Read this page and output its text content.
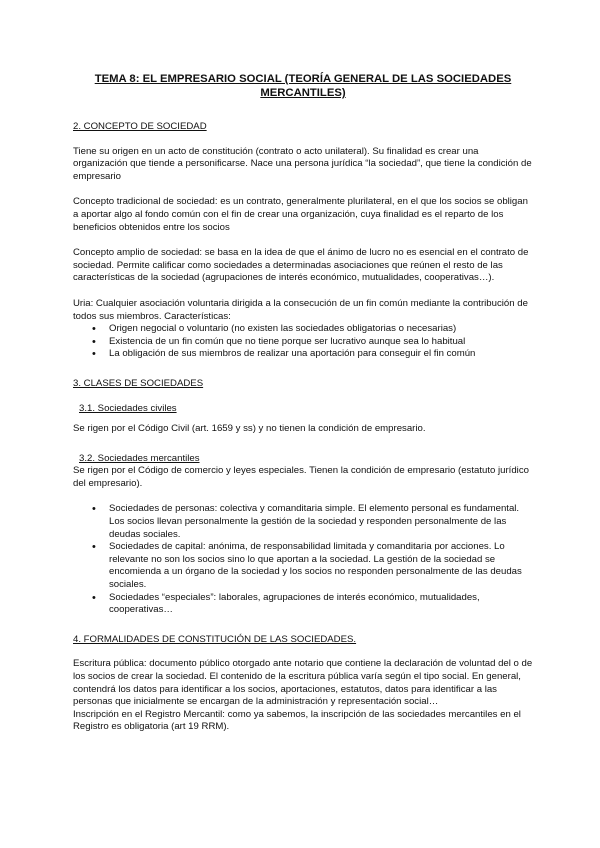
TEMA 8: EL EMPRESARIO SOCIAL (TEORÍA GENERAL DE LAS SOCIEDADES MERCANTILES)
2. CONCEPTO DE SOCIEDAD

Tiene su origen en un acto de constitución (contrato o acto unilateral). Su finalidad es crear una organización que tiende a personificarse. Nace una persona jurídica “la sociedad”, que tiene la condición de empresario

Concepto tradicional de sociedad: es un contrato, generalmente plurilateral, en el que los socios se obligan a aportar algo al fondo común con el fin de crear una organización, cuya finalidad es el reparto de los beneficios obtenidos entre los socios

Concepto amplio de sociedad: se basa en la idea de que el ánimo de lucro no es esencial en el contrato de sociedad. Permite calificar como sociedades a determinadas asociaciones que reúnen el resto de las características de la sociedad (agrupaciones de interés económico, mutualidades, cooperativas…).

Uria: Cualquier asociación voluntaria dirigida a la consecución de un fin común mediante la contribución de todos sus miembros. Características:

• Origen negocial o voluntario (no existen las sociedades obligatorias o necesarias)
• Existencia de un fin común que no tiene porque ser lucrativo aunque sea lo habitual
• La obligación de sus miembros de realizar una aportación para conseguir el fin común
3. CLASES DE SOCIEDADES
3.1. Sociedades civiles

Se rigen por el Código Civil (art. 1659 y ss) y no tienen la condición de empresario.

3.2. Sociedades mercantiles

Se rigen por el Código de comercio y leyes especiales. Tienen la condición de empresario (estatuto jurídico del empresario).

• Sociedades de personas: colectiva y comanditaria simple. El elemento personal es fundamental. Los socios llevan personalmente la gestión de la sociedad y responden personalmente de las deudas sociales.
• Sociedades de capital: anónima, de responsabilidad limitada y comanditaria por acciones. Lo relevante no son los socios sino lo que aportan a la sociedad. La gestión de la sociedad se encomienda a un órgano de la sociedad y los socios no responden personalmente de las deudas sociales.
• Sociedades “especiales”: laborales, agrupaciones de interés económico, mutualidades, cooperativas…
4. FORMALIDADES DE CONSTITUCIÓN DE LAS SOCIEDADES.

Escritura pública: documento público otorgado ante notario que contiene la declaración de voluntad del o de los socios de crear la sociedad. El contenido de la escritura pública varía según el tipo social. En general, contendrá los datos para identificar a los socios, aportaciones, estatutos, datos para identificar a las personas que inicialmente se encargan de la administración y representación social…

Inscripción en el Registro Mercantil: como ya sabemos, la inscripción de las sociedades mercantiles en el Registro es obligatoria (art 19 RRM).
